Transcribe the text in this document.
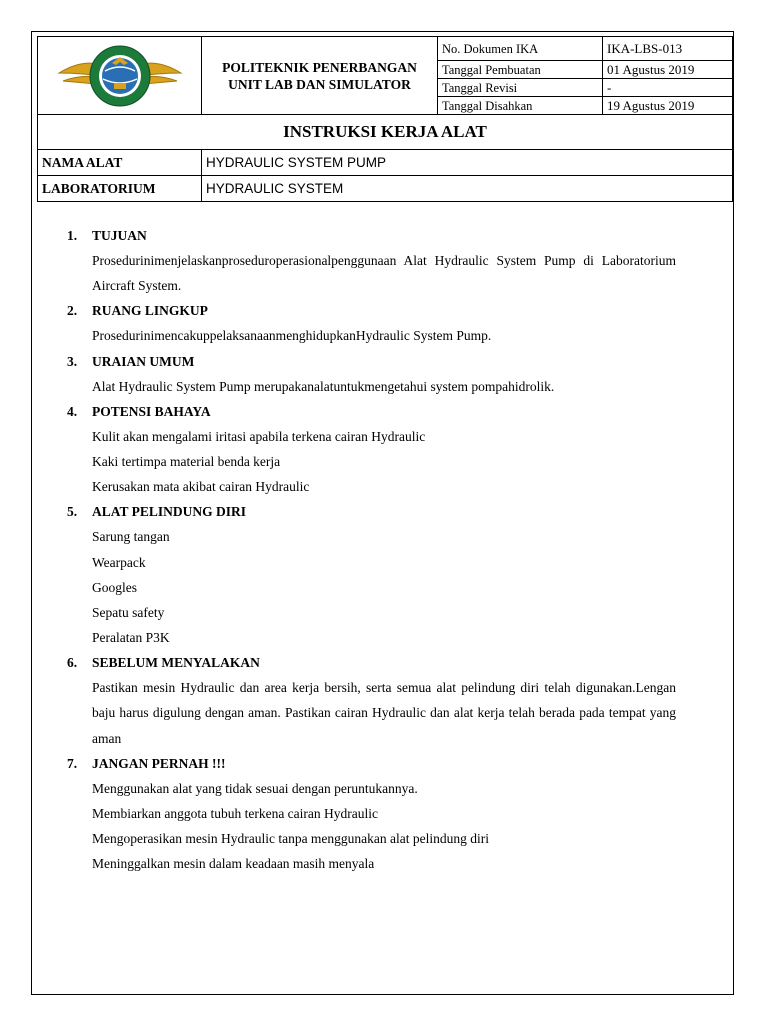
POLITEKNIK PENERBANGAN
UNIT LAB DAN SIMULATOR	No. Dokumen IKA	IKA-LBS-013
		Tanggal Pembuatan	01 Agustus 2019
		Tanggal Revisi	-
		Tanggal Disahkan	19 Agustus 2019
INSTRUKSI KERJA ALAT			
NAMA ALAT	HYDRAULIC SYSTEM PUMP		
LABORATORIUM	HYDRAULIC SYSTEM		
1.	TUJUAN
Prosedurinimenjelaskanproseduroperasionalpenggunaan Alat Hydraulic System Pump di Laboratorium Aircraft System.
2.	RUANG LINGKUP
ProsedurinimencakuppelaksanaanmenghidupkanHydraulic System Pump.
3.	URAIAN UMUM
Alat Hydraulic System Pump merupakanalatuntukmengetahui system pompahidrolik.
4.	POTENSI BAHAYA
Kulit akan mengalami iritasi apabila terkena cairan Hydraulic
Kaki tertimpa material benda kerja
Kerusakan mata akibat cairan Hydraulic
5.	ALAT PELINDUNG DIRI
Sarung tangan
Wearpack
Googles
Sepatu safety
Peralatan P3K
6.	SEBELUM MENYALAKAN
Pastikan mesin Hydraulic dan area kerja bersih, serta semua alat pelindung diri telah digunakan.Lengan baju harus digulung dengan aman. Pastikan cairan Hydraulic dan alat kerja telah berada pada tempat yang aman
7.	JANGAN PERNAH !!!
Menggunakan alat yang tidak sesuai dengan peruntukannya.
Membiarkan anggota tubuh terkena cairan Hydraulic
Mengoperasikan mesin Hydraulic tanpa menggunakan alat pelindung diri
Meninggalkan mesin dalam keadaan masih menyala
